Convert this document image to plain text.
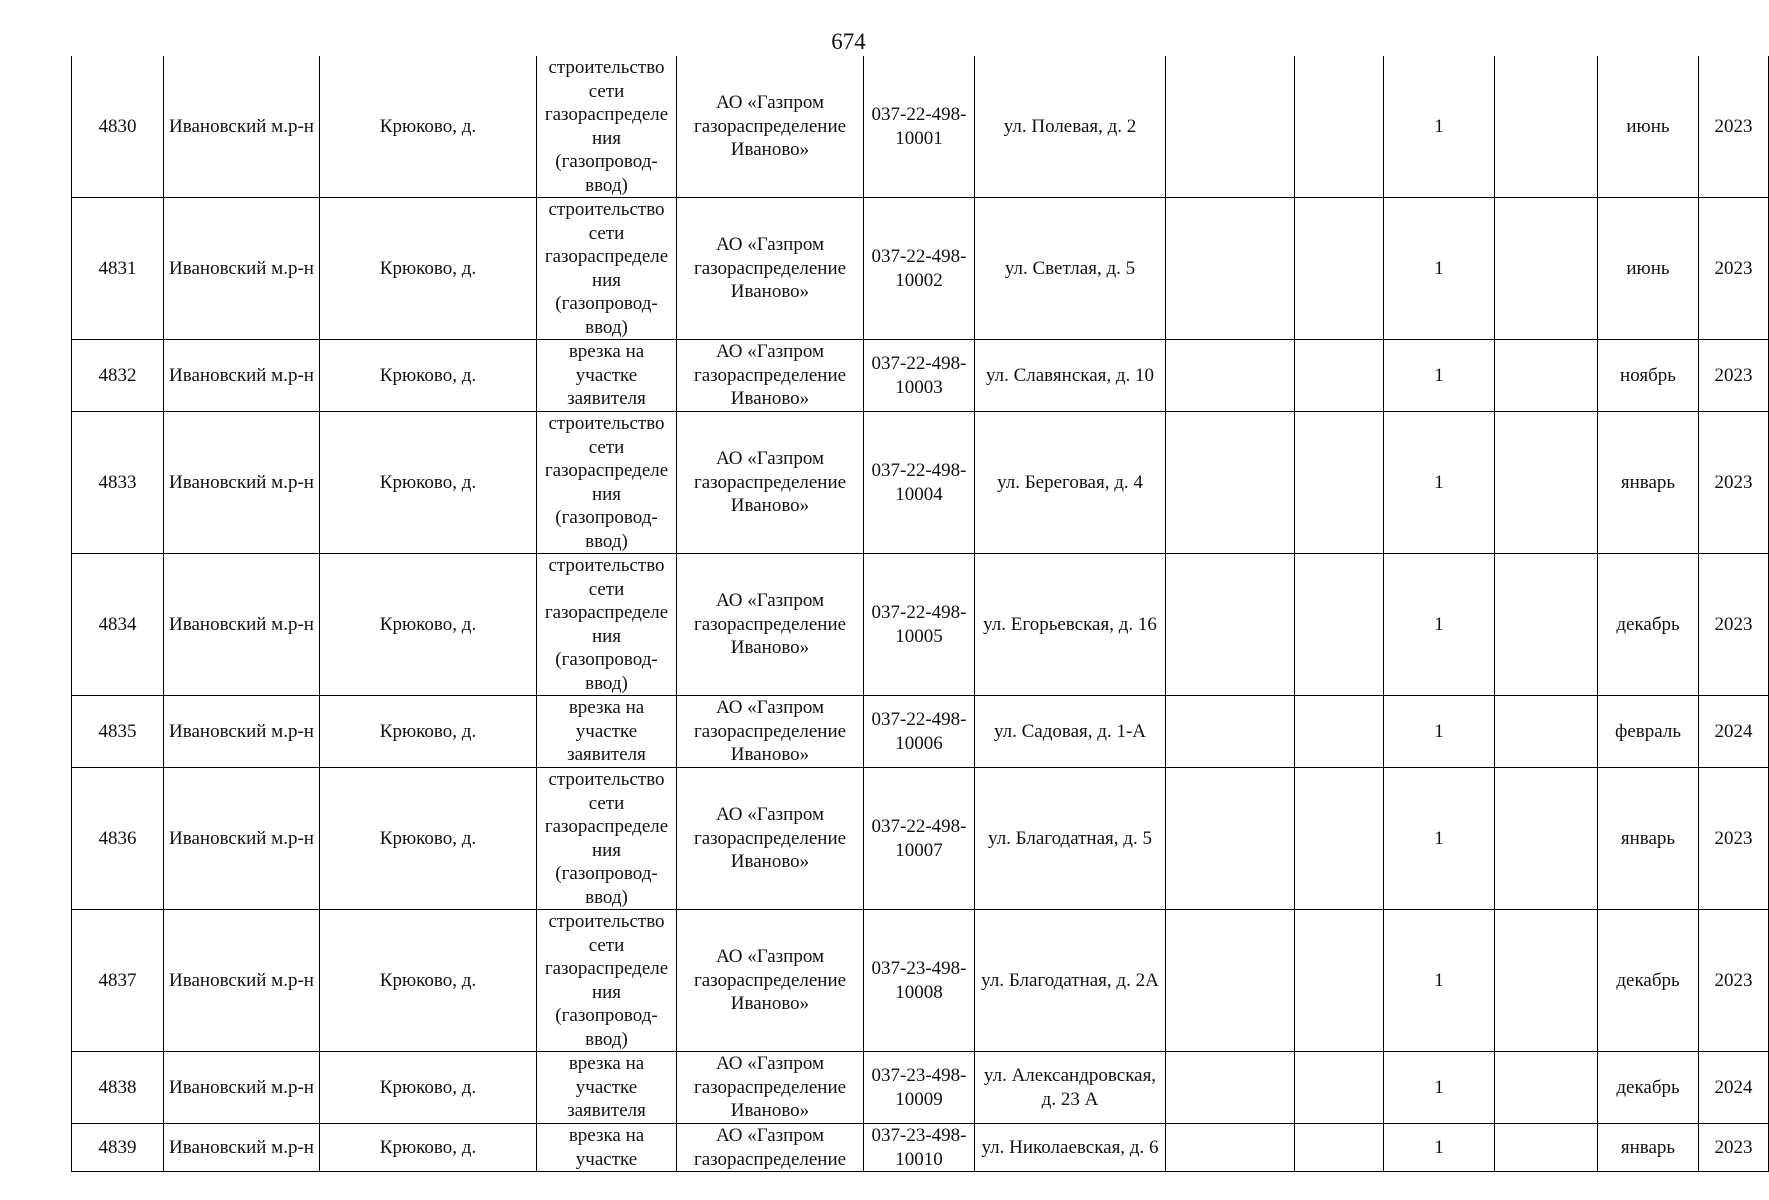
674
4830	Ивановский м.р-н	Крюково, д.	строительство сети газораспределения (газопровод-ввод)	АО «Газпром газораспределение Иваново»	037-22-498-10001	ул. Полевая, д. 2			1		июнь	2023
4831	Ивановский м.р-н	Крюково, д.	строительство сети газораспределения (газопровод-ввод)	АО «Газпром газораспределение Иваново»	037-22-498-10002	ул. Светлая, д. 5			1		июнь	2023
4832	Ивановский м.р-н	Крюково, д.	врезка на участке заявителя	АО «Газпром газораспределение Иваново»	037-22-498-10003	ул. Славянская, д. 10			1		ноябрь	2023
4833	Ивановский м.р-н	Крюково, д.	строительство сети газораспределения (газопровод-ввод)	АО «Газпром газораспределение Иваново»	037-22-498-10004	ул. Береговая, д. 4			1		январь	2023
4834	Ивановский м.р-н	Крюково, д.	строительство сети газораспределения (газопровод-ввод)	АО «Газпром газораспределение Иваново»	037-22-498-10005	ул. Егорьевская, д. 16			1		декабрь	2023
4835	Ивановский м.р-н	Крюково, д.	врезка на участке заявителя	АО «Газпром газораспределение Иваново»	037-22-498-10006	ул. Садовая, д. 1-А			1		февраль	2024
4836	Ивановский м.р-н	Крюково, д.	строительство сети газораспределения (газопровод-ввод)	АО «Газпром газораспределение Иваново»	037-22-498-10007	ул. Благодатная, д. 5			1		январь	2023
4837	Ивановский м.р-н	Крюково, д.	строительство сети газораспределения (газопровод-ввод)	АО «Газпром газораспределение Иваново»	037-23-498-10008	ул. Благодатная, д. 2А			1		декабрь	2023
4838	Ивановский м.р-н	Крюково, д.	врезка на участке заявителя	АО «Газпром газораспределение Иваново»	037-23-498-10009	ул. Александровская, д. 23 А			1		декабрь	2024
4839	Ивановский м.р-н	Крюково, д.	врезка на участке	АО «Газпром газораспределение	037-23-498-10010	ул. Николаевская, д. 6			1		январь	2023
